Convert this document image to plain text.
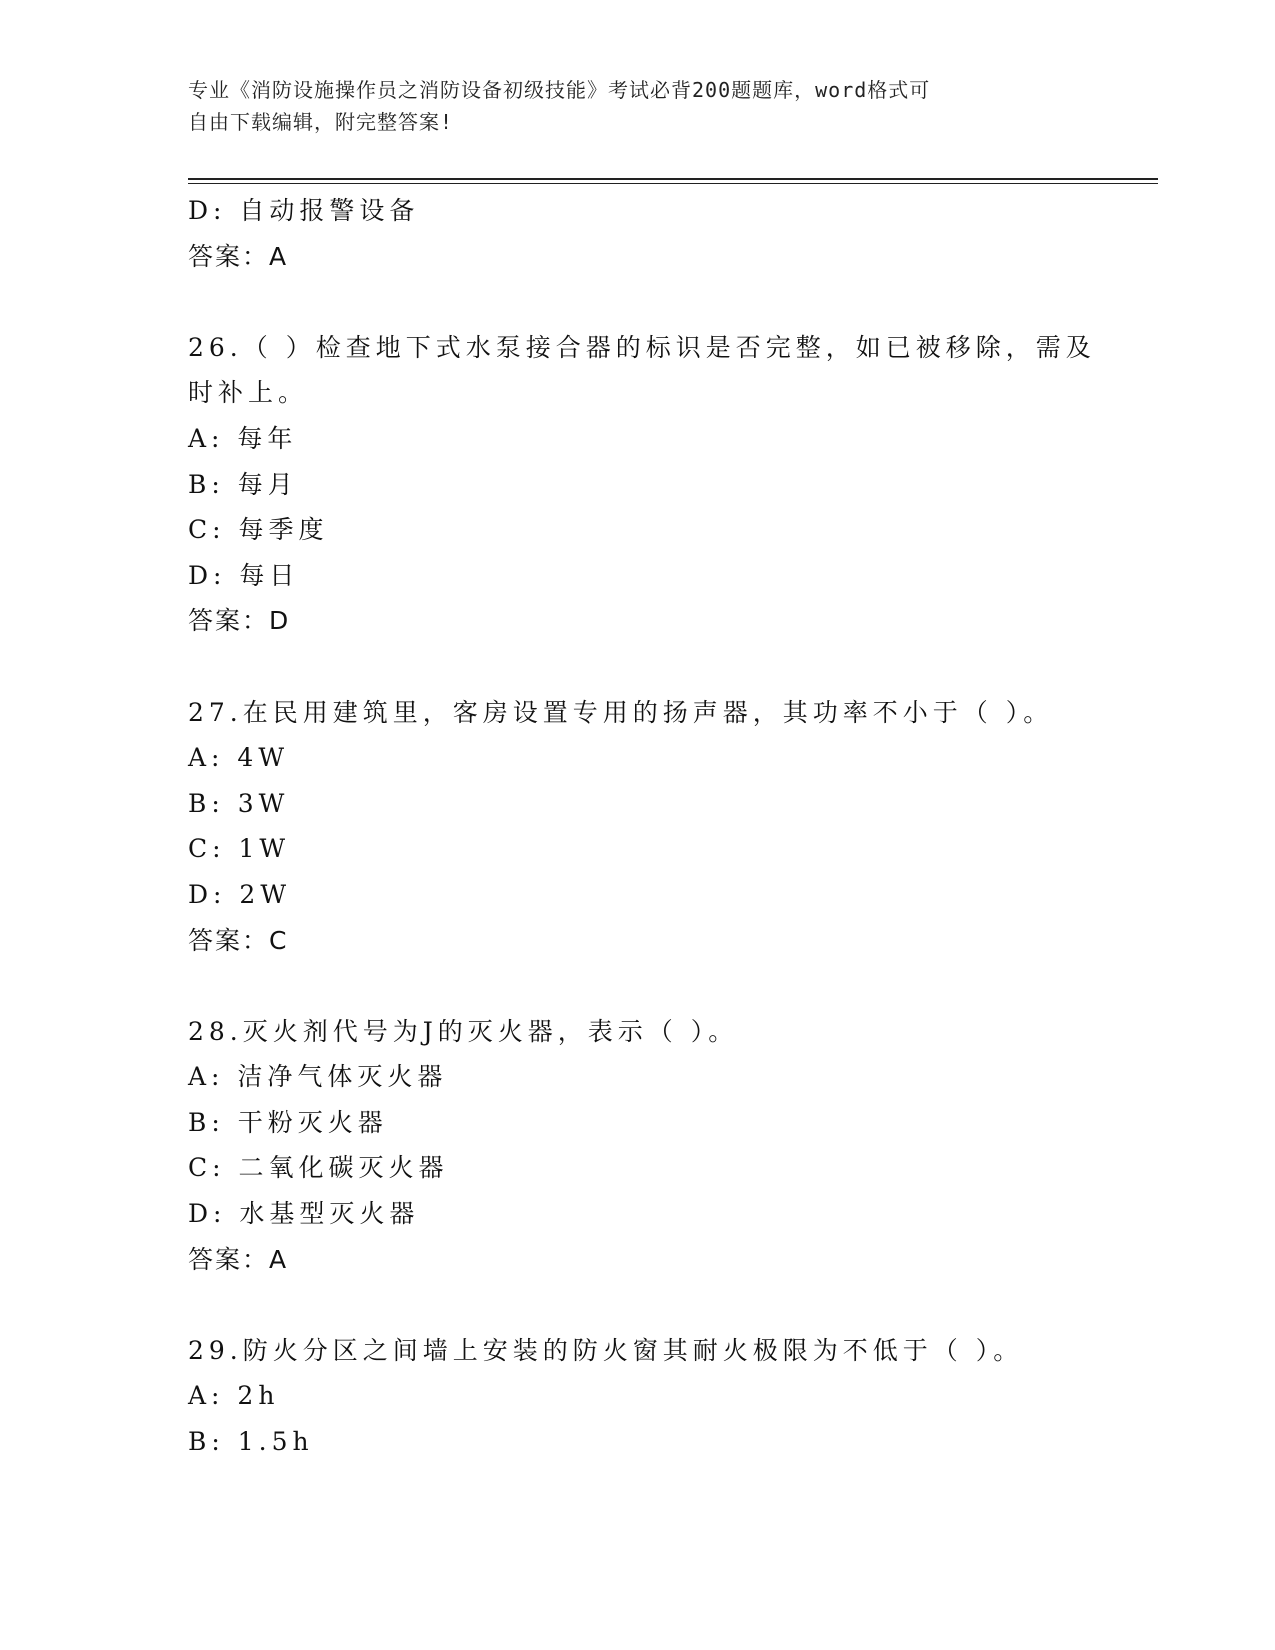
专业《消防设施操作员之消防设备初级技能》考试必背200题题库，word格式可
自由下载编辑，附完整答案!
D: 自动报警设备
答案：A
26.（ ）检查地下式水泵接合器的标识是否完整，如已被移除，需及
时补上。
A: 每年
B: 每月
C: 每季度
D: 每日
答案：D
27.在民用建筑里，客房设置专用的扬声器，其功率不小于（ ）。
A: 4W
B: 3W
C: 1W
D: 2W
答案：C
28.灭火剂代号为J的灭火器，表示（ ）。
A: 洁净气体灭火器
B: 干粉灭火器
C: 二氧化碳灭火器
D: 水基型灭火器
答案：A
29.防火分区之间墙上安装的防火窗其耐火极限为不低于（ ）。
A: 2h
B: 1.5h
